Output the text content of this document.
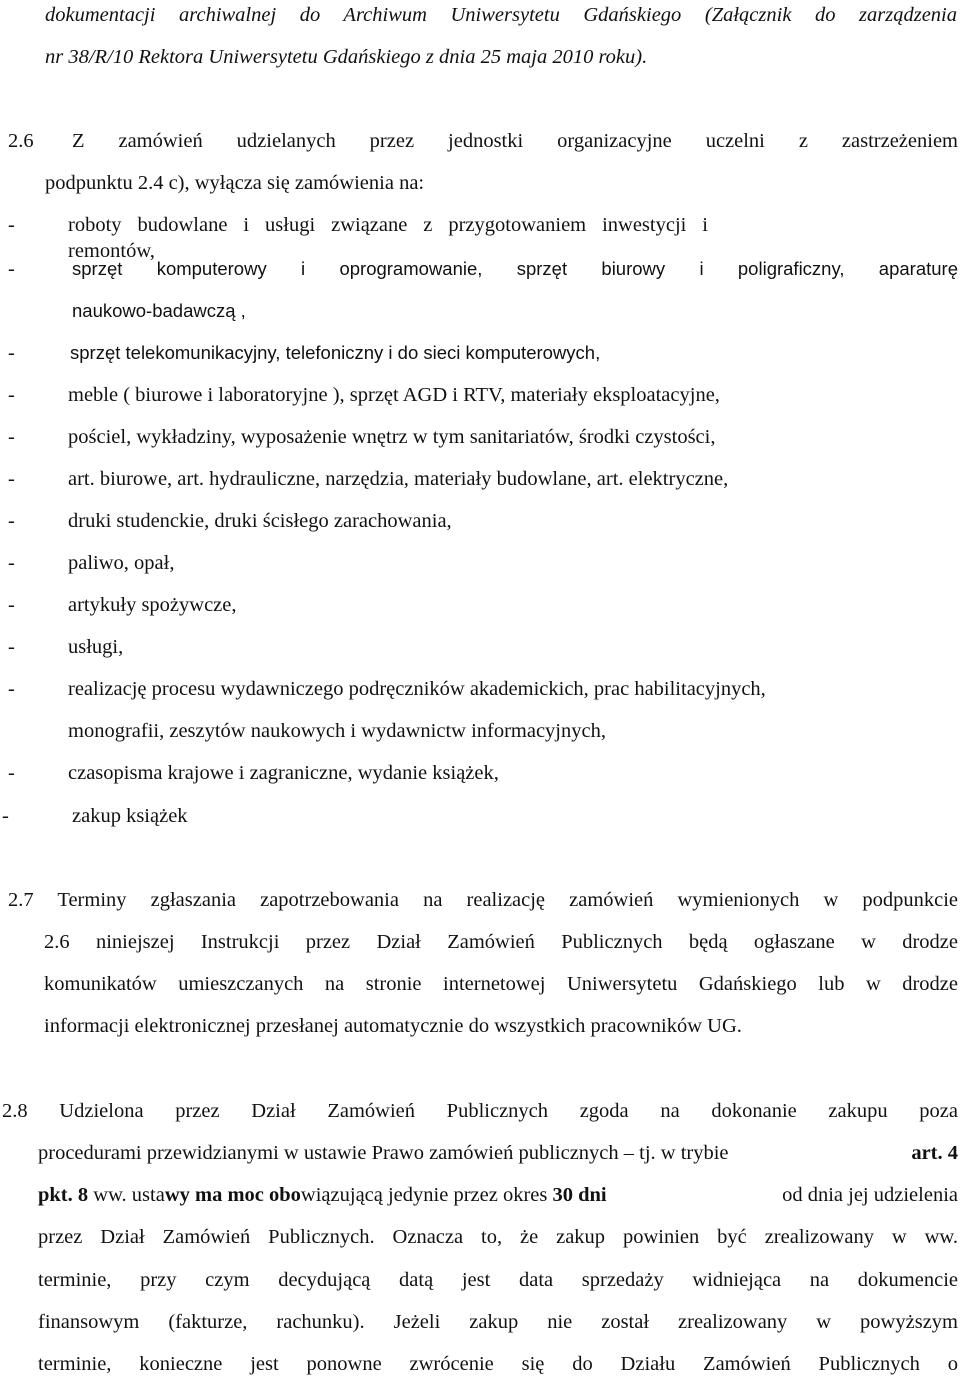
dokumentacji archiwalnej do Archiwum Uniwersytetu Gdańskiego (Załącznik do zarządzenia
nr 38/R/10 Rektora Uniwersytetu Gdańskiego z dnia 25 maja 2010 roku).
2.6 Z zamówień udzielanych przez jednostki organizacyjne uczelni z zastrzeżeniem
podpunktu 2.4 c), wyłącza się zamówienia na:
-	roboty budowlane i usługi związane z przygotowaniem inwestycji i remontów,
-	sprzęt komputerowy i oprogramowanie, sprzęt biurowy i poligraficzny, aparaturę
naukowo-badawczą ,
-	sprzęt telekomunikacyjny, telefoniczny i do sieci komputerowych,
-	meble ( biurowe i laboratoryjne ), sprzęt AGD i RTV, materiały eksploatacyjne,
-	pościel, wykładziny, wyposażenie wnętrz w tym sanitariatów, środki czystości,
-	art. biurowe, art. hydrauliczne, narzędzia, materiały budowlane, art. elektryczne,
-	druki studenckie, druki ścisłego zarachowania,
-	paliwo, opał,
-	artykuły spożywcze,
-	usługi,
-	realizację procesu wydawniczego podręczników akademickich, prac habilitacyjnych,
monografii, zeszytów naukowych i wydawnictw informacyjnych,
-	czasopisma krajowe i zagraniczne, wydanie książek,
-	zakup książek
2.7 Terminy zgłaszania zapotrzebowania na realizację zamówień wymienionych w podpunkcie
2.6 niniejszej Instrukcji przez Dział Zamówień Publicznych będą ogłaszane w drodze
komunikatów umieszczanych na stronie internetowej Uniwersytetu Gdańskiego lub w drodze
informacji elektronicznej przesłanej automatycznie do wszystkich pracowników UG.
2.8 Udzielona przez Dział Zamówień Publicznych zgoda na dokonanie zakupu poza
procedurami przewidzianymi w ustawie Prawo zamówień publicznych – tj. w trybie	art. 4
pkt. 8 ww. usta wy ma moc obo wiązującą jedynie przez okres 30 dni	od dnia jej udzielenia
przez Dział Zamówień Publicznych. Oznacza to, że zakup powinien być zrealizowany w ww.
terminie, przy czym decydującą datą jest data sprzedaży widniejąca na dokumencie
finansowym (fakturze, rachunku). Jeżeli zakup nie został zrealizowany w powyższym
terminie, konieczne jest ponowne zwrócenie się do Działu Zamówień Publicznych o
